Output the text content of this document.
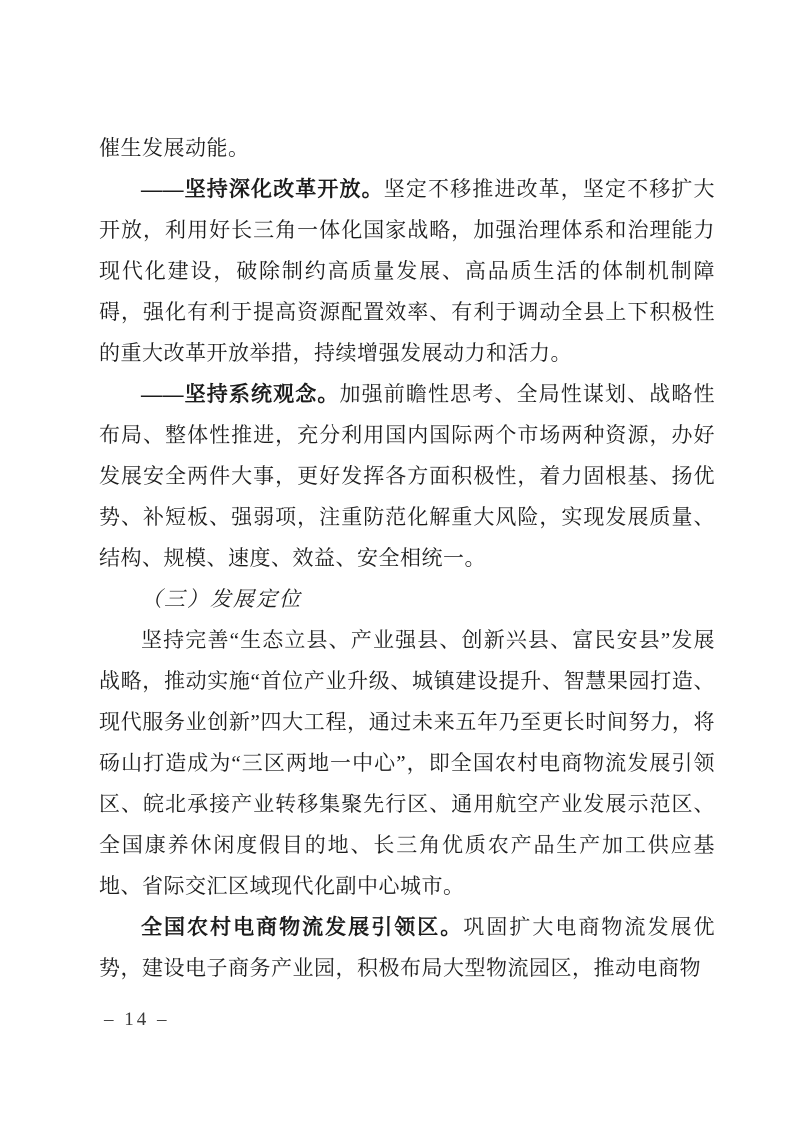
催生发展动能。

——坚持深化改革开放。坚定不移推进改革，坚定不移扩大开放，利用好长三角一体化国家战略，加强治理体系和治理能力现代化建设，破除制约高质量发展、高品质生活的体制机制障碍，强化有利于提高资源配置效率、有利于调动全县上下积极性的重大改革开放举措，持续增强发展动力和活力。

——坚持系统观念。加强前瞻性思考、全局性谋划、战略性布局、整体性推进，充分利用国内国际两个市场两种资源，办好发展安全两件大事，更好发挥各方面积极性，着力固根基、扬优势、补短板、强弱项，注重防范化解重大风险，实现发展质量、结构、规模、速度、效益、安全相统一。

（三）发展定位

坚持完善“生态立县、产业强县、创新兴县、富民安县”发展战略，推动实施“首位产业升级、城镇建设提升、智慧果园打造、现代服务业创新”四大工程，通过未来五年乃至更长时间努力，将砀山打造成为“三区两地一中心”，即全国农村电商物流发展引领区、皖北承接产业转移集聚先行区、通用航空产业发展示范区、全国康养休闲度假目的地、长三角优质农产品生产加工供应基地、省际交汇区域现代化副中心城市。

全国农村电商物流发展引领区。巩固扩大电商物流发展优势，建设电子商务产业园，积极布局大型物流园区，推动电商物

– 14 –
